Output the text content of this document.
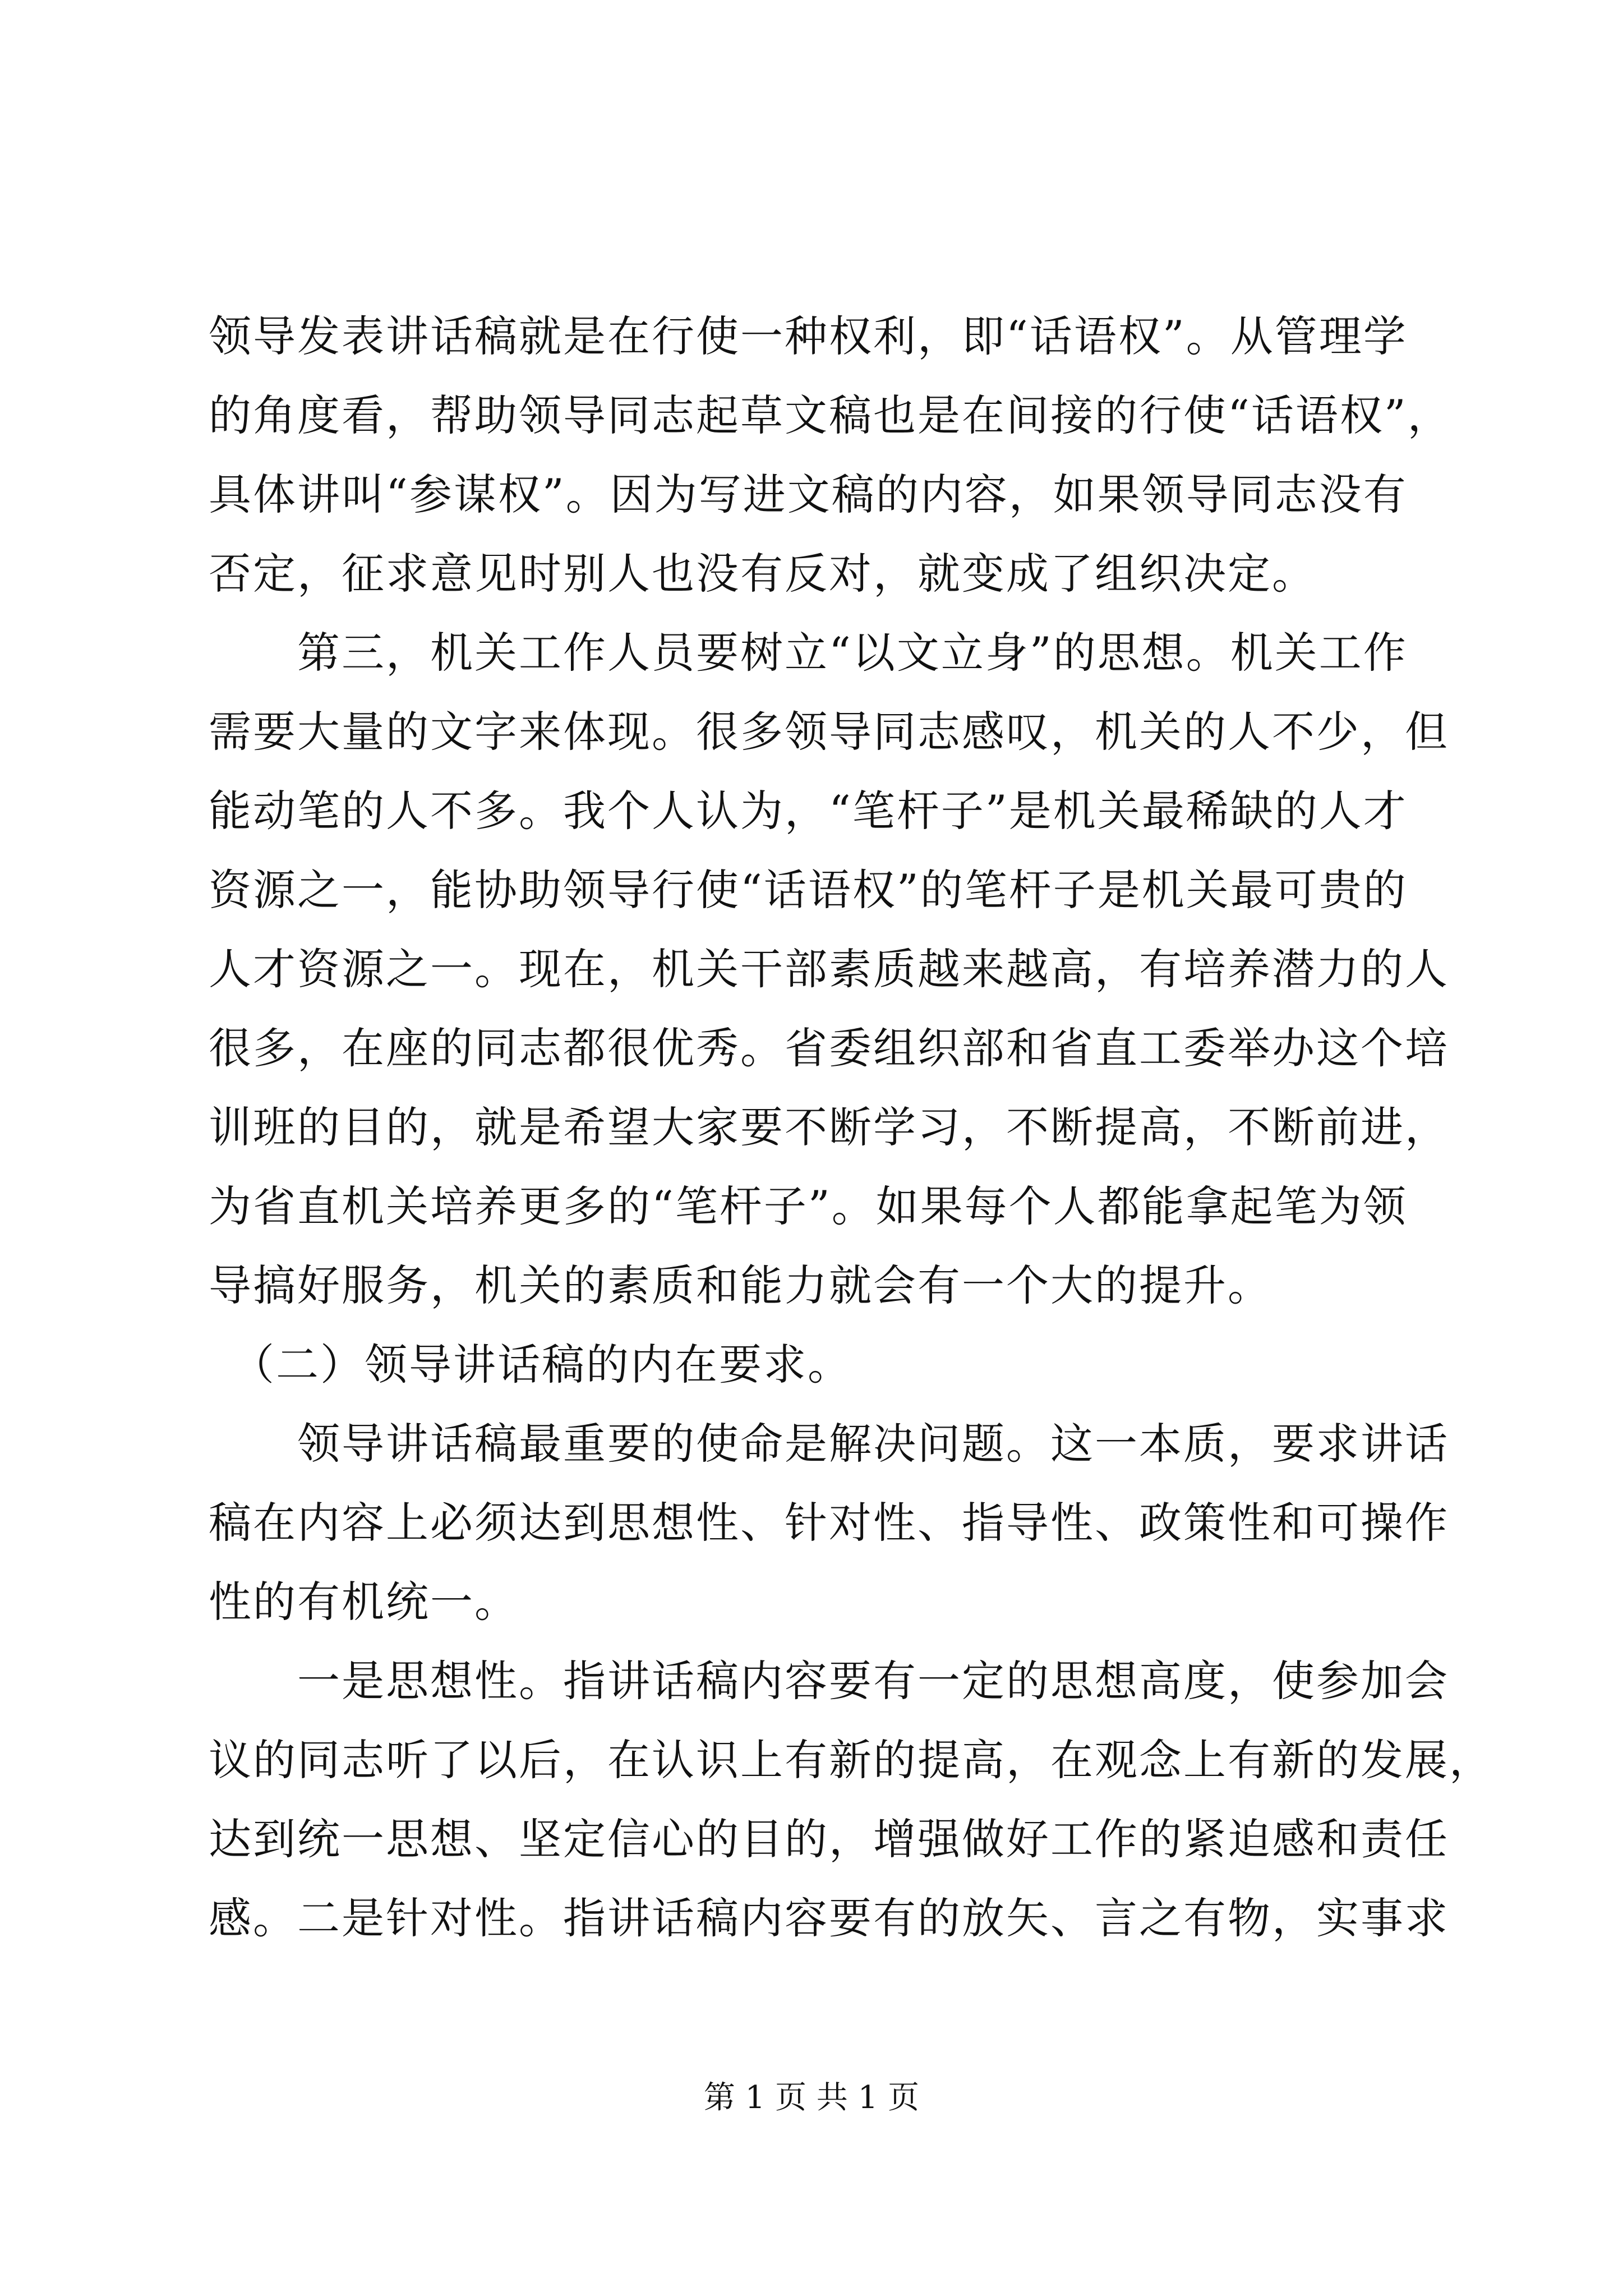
领导发表讲话稿就是在行使一种权利，即“话语权”。从管理学
的角度看，帮助领导同志起草文稿也是在间接的行使“话语权”，
具体讲叫“参谋权”。因为写进文稿的内容，如果领导同志没有
否定，征求意见时别人也没有反对，就变成了组织决定。
　　第三，机关工作人员要树立“以文立身”的思想。机关工作
需要大量的文字来体现。很多领导同志感叹，机关的人不少，但
能动笔的人不多。我个人认为，“笔杆子”是机关最稀缺的人才
资源之一，能协助领导行使“话语权”的笔杆子是机关最可贵的
人才资源之一。现在，机关干部素质越来越高，有培养潜力的人
很多，在座的同志都很优秀。省委组织部和省直工委举办这个培
训班的目的，就是希望大家要不断学习，不断提高，不断前进，
为省直机关培养更多的“笔杆子”。如果每个人都能拿起笔为领
导搞好服务，机关的素质和能力就会有一个大的提升。
　（二）领导讲话稿的内在要求。
　　领导讲话稿最重要的使命是解决问题。这一本质，要求讲话
稿在内容上必须达到思想性、针对性、指导性、政策性和可操作
性的有机统一。
　　一是思想性。指讲话稿内容要有一定的思想高度，使参加会
议的同志听了以后，在认识上有新的提高，在观念上有新的发展，
达到统一思想、坚定信心的目的，增强做好工作的紧迫感和责任
感。二是针对性。指讲话稿内容要有的放矢、言之有物，实事求
第 1 页 共 1 页
